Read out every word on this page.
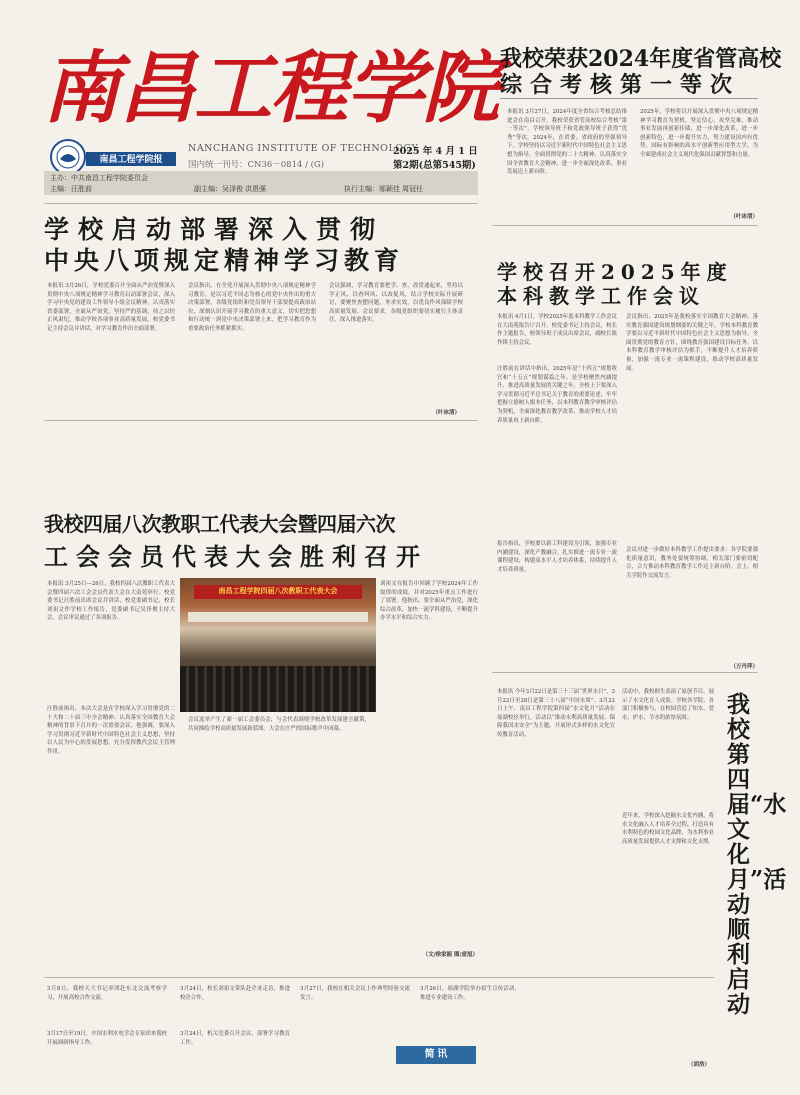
南昌工程学院
南昌工程学院报
NANCHANG INSTITUTE OF TECHNOLOGY
国内统一刊号：CN36－0814 / (G)
2025 年 4 月 1 日
第2期(总第545期)
主办：中共南昌工程学院委员会
主编：汪胜前	副主编：吴泽俊 洪恩强	执行主编：邬颖佳 周冠任
我校荣获2024年度省管高校
综合考核第一等次
本报讯 3月27日，2024年度全省综合考核总结推进会在南昌召开。我校荣获省管高校综合考核“第一等次”，学校领导班子和党政领导班子获得“优秀”等次。2024年，在省委、省政府的坚强领导下，学校坚持以习近平新时代中国特色社会主义思想为指导，全面贯彻党的二十大精神，认真落实全国全省教育大会精神，进一步全面深化改革，事业发展迈上新台阶。
2025年，学校将以开展深入贯彻中央八项规定精神学习教育为契机，坚定信心，攻坚克难，推动事业发展再创新佳绩，进一步深化改革，进一步创新特色，进一步提升实力，努力建设国内有优势、国际有影响的高水平创新型应用型大学，为全面建成社会主义现代化强国贡献智慧和力量。
（叶冰清）
学校启动部署深入贯彻
中央八项规定精神学习教育
本报讯 3月26日，学校党委召开全面从严治党暨深入贯彻中央八项规定精神学习教育启动部署会议，深入学习中央党的建设工作领导小组会议精神，认真落实省委部署，全面从严治党，坚持严的基调，持之以恒正风肃纪，推动学校各项事业高质量发展。校党委书记主持会议并讲话，对学习教育作出全面部署。
会议指出，在全党开展深入贯彻中央八项规定精神学习教育，是以习近平同志为核心的党中央作出的重大决策部署，各级党组织和党员领导干部要提高政治站位，深刻认识开展学习教育的重大意义，切实把思想和行动统一到党中央决策部署上来，把学习教育作为重要政治任务抓紧抓实。
会议强调，学习教育要把学、查、改贯通起来，坚持以学正风、以查纠风、以改促风，结合学校实际开展研讨，要聚焦查摆问题，务求实效，以优良作风保障学校高质量发展。会议要求，各级党组织要切实履行主体责任，深入推进落实。
（叶冰清）
学校召开2025年度
本科教学工作会议
本报讯 4月1日，学校2025年度本科教学工作会议在大南苑报告厅召开。校党委书记主持会议，校长作主题报告，校领导班子成员出席会议，副校长陈作锋主持会议。
汪胜前在讲话中指出，2025年是“十四五”规划收官和“十五五”规划谋篇之年，是学校聚焦内涵提升、推进高质量发展的关键之年。全校上下要深入学习贯彻习近平总书记关于教育的重要论述，牢牢把握立德树人根本任务，以本科教育教学审核评估为契机，全面深化教育教学改革，推动学校人才培养质量再上新台阶。
报告指出，学校要以新工科建设为引领，加强专业内涵建设，深化产教融合，扎实推进一流专业一流课程建设，构建高水平人才培养体系，持续提升人才培养质量。
会议指出，2025年是我校落实全国教育大会精神，落实教育强国建设规划纲要的关键之年，学校本科教育教学要以习近平新时代中国特色社会主义思想为指导，全面贯彻党的教育方针，围绕教育强国建设目标任务，以本科教育教学审核评估为抓手，不断提升人才培养质量，加强一流专业一流课程建设，推动学校高质量发展。
会议对进一步做好本科教学工作提出要求：各学院要强化质量意识，教务处要统筹协调，相关部门要密切配合，合力推动本科教育教学工作迈上新台阶。会上，相关学院作交流发言。
（万丹萍）
我校四届八次教职工代表大会暨四届六次
工会会员代表大会胜利召开
本报讯 3月25日—26日，我校四届八次教职工代表大会暨四届六次工会会员代表大会在大南苑举行。校党委书记汪胜前出席会议并讲话，校党委副书记、校长刘祖文作学校工作报告，党委副书记吴泽俊主持大会，会议审议通过了各项报告。
南昌工程学院四届八次教职工代表大会
刘祖文在报告中回顾了学校2024年工作取得的成绩，并对2025年重点工作进行了部署。他指出，要全面从严治党，深化综合改革，加快一流学科建设，不断提升办学水平和综合实力。
汪胜前指出，本次大会是在学校深入学习贯彻党的二十大和二十届三中全会精神、认真落实全国教育大会精神的背景下召开的一次重要会议。他强调，要深入学习贯彻习近平新时代中国特色社会主义思想，坚持以人民为中心的发展思想，充分发挥教代会民主管理作用。
会议选举产生了新一届工会委员会，与会代表围绕学校改革发展建言献策，共同描绘学校高质量发展新蓝图。大会在庄严的国际歌声中闭幕。
（文/徐家振 图/庞旭）
本报讯 今年3月22日是第三十三届“世界水日”，3月22日至28日是第三十八届“中国水周”。3月22日上午，南昌工程学院第四届“水文化月”活动在瑶湖校区举行，活动以“推动水利高质量发展，保障我国水安全”为主题，开展形式多样的水文化宣传教育活动。
活动中，我校师生表演了原创节目，展示了水文化育人成果。学校各学院、各部门积极参与，在校园营造了知水、爱水、护水、节水的浓厚氛围。
近年来，学校深入挖掘水文化内涵，将水文化融入人才培养全过程，打造具有水利特色的校园文化品牌，为水利事业高质量发展提供人才支撑和文化支撑。
我校第四届“水文化月”活动顺利启动
（胡浩）
3月8日，我校天大书记率团赴东北交流考察学习，开展高校合作交流。
3月17日至19日，中国水利水电学会专家团来我校开展调研指导工作。
3月24日，校长刘祖文带队赴企业走访，推进校企合作。
3月24日，机关党委召开会议，部署学习教育工作。
3月27日，我校在相关会议上作典型经验交流发言。
3月26日，瑶湖学院举办招生宣传活动，推进专业建设工作。
简 讯
